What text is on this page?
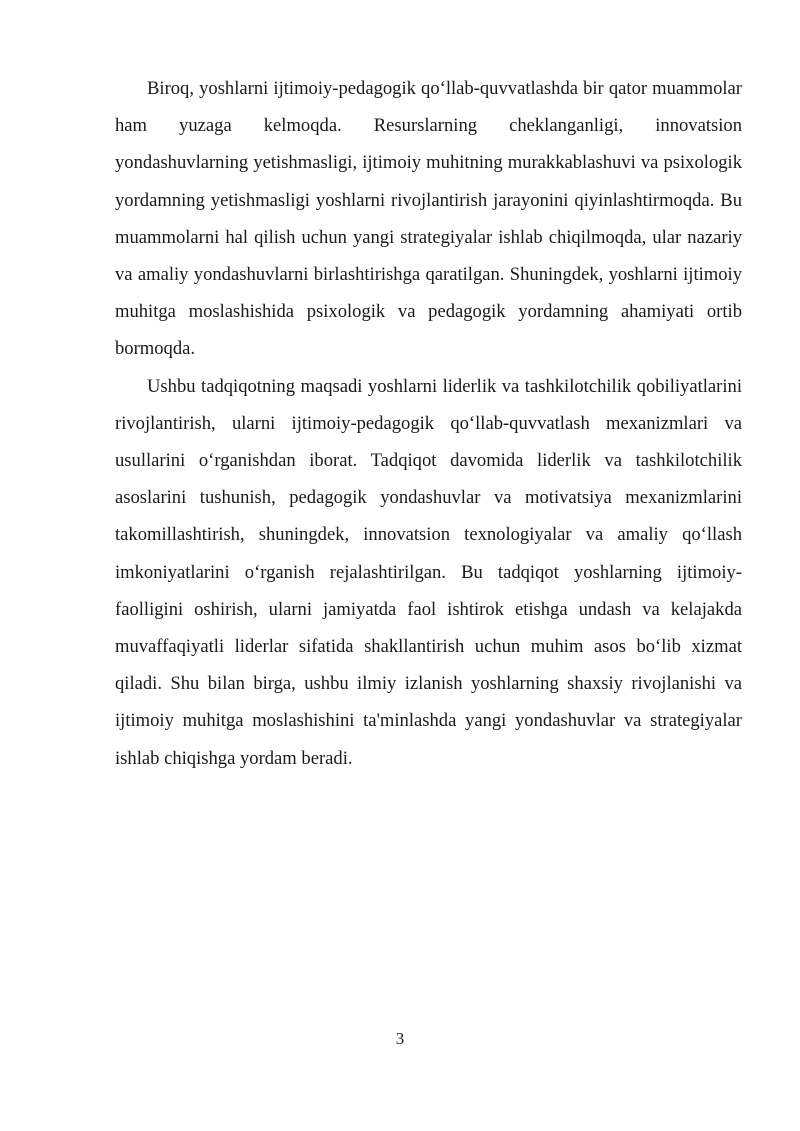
Biroq, yoshlarni ijtimoiy-pedagogik qo‘llab-quvvatlashda bir qator muammolar ham yuzaga kelmoqda. Resurslarning cheklanganligi, innovatsion yondashuvlarning yetishmasligi, ijtimoiy muhitning murakkablashuvi va psixologik yordamning yetishmasligi yoshlarni rivojlantirish jarayonini qiyinlashtirmoqda. Bu muammolarni hal qilish uchun yangi strategiyalar ishlab chiqilmoqda, ular nazariy va amaliy yondashuvlarni birlashtirishga qaratilgan. Shuningdek, yoshlarni ijtimoiy muhitga moslashishida psixologik va pedagogik yordamning ahamiyati ortib bormoqda.

Ushbu tadqiqotning maqsadi yoshlarni liderlik va tashkilotchilik qobiliyatlarini rivojlantirish, ularni ijtimoiy-pedagogik qo‘llab-quvvatlash mexanizmlari va usullarini o‘rganishdan iborat. Tadqiqot davomida liderlik va tashkilotchilik asoslarini tushunish, pedagogik yondashuvlar va motivatsiya mexanizmlarini takomillashtirish, shuningdek, innovatsion texnologiyalar va amaliy qo‘llash imkoniyatlarini o‘rganish rejalashtirilgan. Bu tadqiqot yoshlarning ijtimoiy-faolligini oshirish, ularni jamiyatda faol ishtirok etishga undash va kelajakda muvaffaqiyatli liderlar sifatida shakllantirish uchun muhim asos bo‘lib xizmat qiladi. Shu bilan birga, ushbu ilmiy izlanish yoshlarning shaxsiy rivojlanishi va ijtimoiy muhitga moslashishini ta'minlashda yangi yondashuvlar va strategiyalar ishlab chiqishga yordam beradi.

3
